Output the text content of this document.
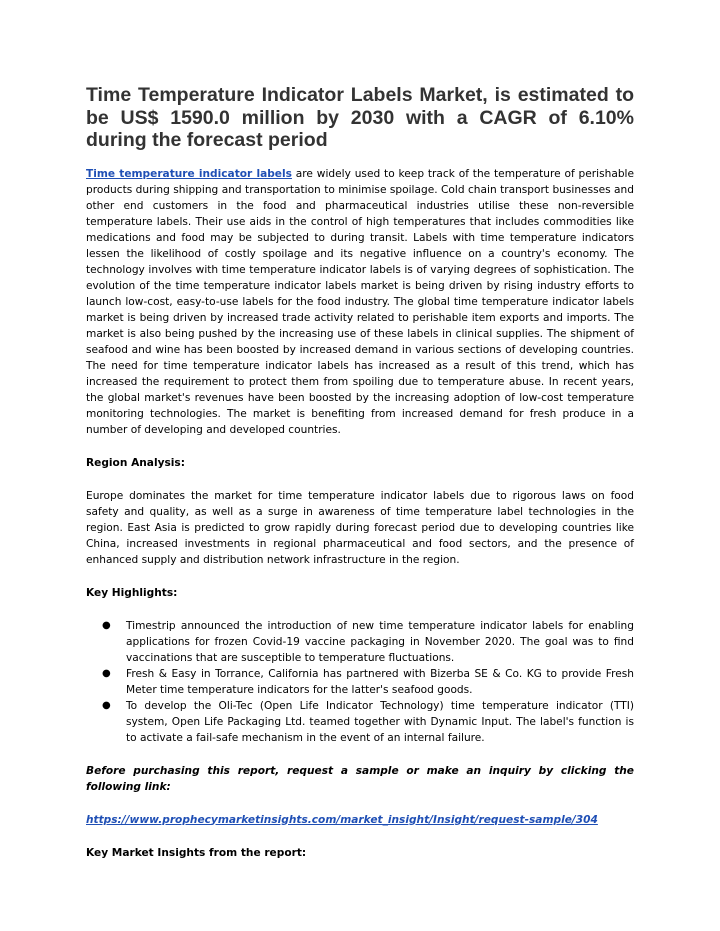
Time Temperature Indicator Labels Market, is estimated to be US$ 1590.0 million by 2030 with a CAGR of 6.10% during the forecast period

Time temperature indicator labels are widely used to keep track of the temperature of perishable products during shipping and transportation to minimise spoilage. Cold chain transport businesses and other end customers in the food and pharmaceutical industries utilise these non-reversible temperature labels. Their use aids in the control of high temperatures that includes commodities like medications and food may be subjected to during transit. Labels with time temperature indicators lessen the likelihood of costly spoilage and its negative influence on a country's economy. The technology involves with time temperature indicator labels is of varying degrees of sophistication. The evolution of the time temperature indicator labels market is being driven by rising industry efforts to launch low-cost, easy-to-use labels for the food industry. The global time temperature indicator labels market is being driven by increased trade activity related to perishable item exports and imports. The market is also being pushed by the increasing use of these labels in clinical supplies. The shipment of seafood and wine has been boosted by increased demand in various sections of developing countries. The need for time temperature indicator labels has increased as a result of this trend, which has increased the requirement to protect them from spoiling due to temperature abuse. In recent years, the global market's revenues have been boosted by the increasing adoption of low-cost temperature monitoring technologies. The market is benefiting from increased demand for fresh produce in a number of developing and developed countries.

Region Analysis:

Europe dominates the market for time temperature indicator labels due to rigorous laws on food safety and quality, as well as a surge in awareness of time temperature label technologies in the region. East Asia is predicted to grow rapidly during forecast period due to developing countries like China, increased investments in regional pharmaceutical and food sectors, and the presence of enhanced supply and distribution network infrastructure in the region.

Key Highlights:

● Timestrip announced the introduction of new time temperature indicator labels for enabling applications for frozen Covid-19 vaccine packaging in November 2020. The goal was to find vaccinations that are susceptible to temperature fluctuations.
● Fresh & Easy in Torrance, California has partnered with Bizerba SE & Co. KG to provide Fresh Meter time temperature indicators for the latter's seafood goods.
● To develop the Oli-Tec (Open Life Indicator Technology) time temperature indicator (TTI) system, Open Life Packaging Ltd. teamed together with Dynamic Input. The label's function is to activate a fail-safe mechanism in the event of an internal failure.

Before purchasing this report, request a sample or make an inquiry by clicking the following link:

https://www.prophecymarketinsights.com/market_insight/Insight/request-sample/304

Key Market Insights from the report:
